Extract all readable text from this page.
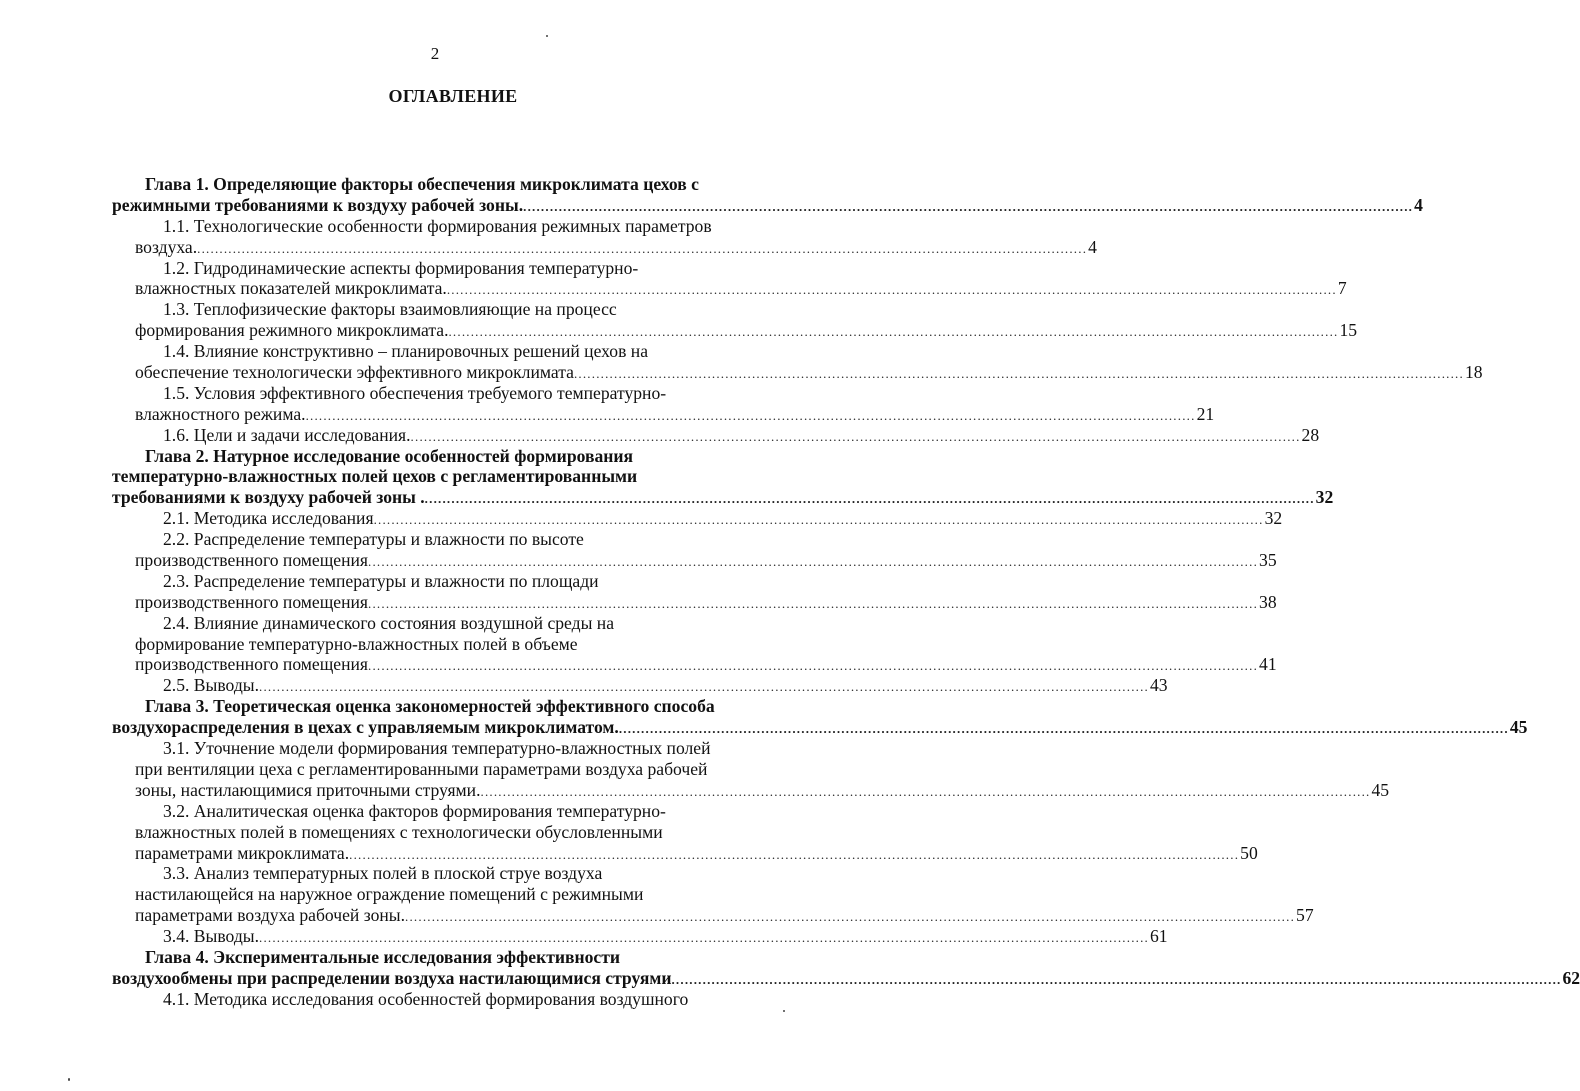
2
ОГЛАВЛЕНИЕ
Глава 1. Определяющие факторы обеспечения микроклимата цехов с
режимными требованиями к воздуху рабочей зоны. .....	4
1.1. Технологические особенности формирования режимных параметров
воздуха. .....	4
1.2. Гидродинамические аспекты формирования температурно-
влажностных показателей микроклимата. .....	7
1.3. Теплофизические факторы взаимовлияющие на процесс
формирования режимного микроклимата. .....	15
1.4. Влияние конструктивно – планировочных решений цехов на
обеспечение технологически эффективного микроклимата .....	18
1.5. Условия эффективного обеспечения требуемого температурно-
влажностного режима. .....	21
1.6. Цели и задачи исследования. .....	28
Глава 2. Натурное исследование особенностей формирования
температурно-влажностных полей цехов с регламентированными
требованиями к воздуху рабочей зоны . .....	32
2.1. Методика исследования .....	32
2.2. Распределение температуры и влажности по высоте
производственного помещения .....	35
2.3. Распределение температуры и влажности по площади
производственного помещения .....	38
2.4. Влияние динамического состояния воздушной среды на
формирование температурно-влажностных полей в объеме
производственного помещения .....	41
2.5. Выводы. .....	43
Глава 3. Теоретическая оценка закономерностей эффективного способа
воздухораспределения в цехах с управляемым микроклиматом. .....	45
3.1. Уточнение модели формирования температурно-влажностных полей
при вентиляции цеха с регламентированными параметрами воздуха рабочей
зоны, настилающимися приточными струями. .....	45
3.2. Аналитическая оценка факторов формирования температурно-
влажностных полей в помещениях с технологически обусловленными
параметрами микроклимата. .....	50
3.3. Анализ температурных полей в плоской струе воздуха
настилающейся на наружное ограждение помещений с режимными
параметрами воздуха рабочей зоны. .....	57
3.4. Выводы. .....	61
Глава 4. Экспериментальные исследования эффективности
воздухообмены при распределении воздуха настилающимися струями .....	62
4.1. Методика исследования особенностей формирования воздушного
